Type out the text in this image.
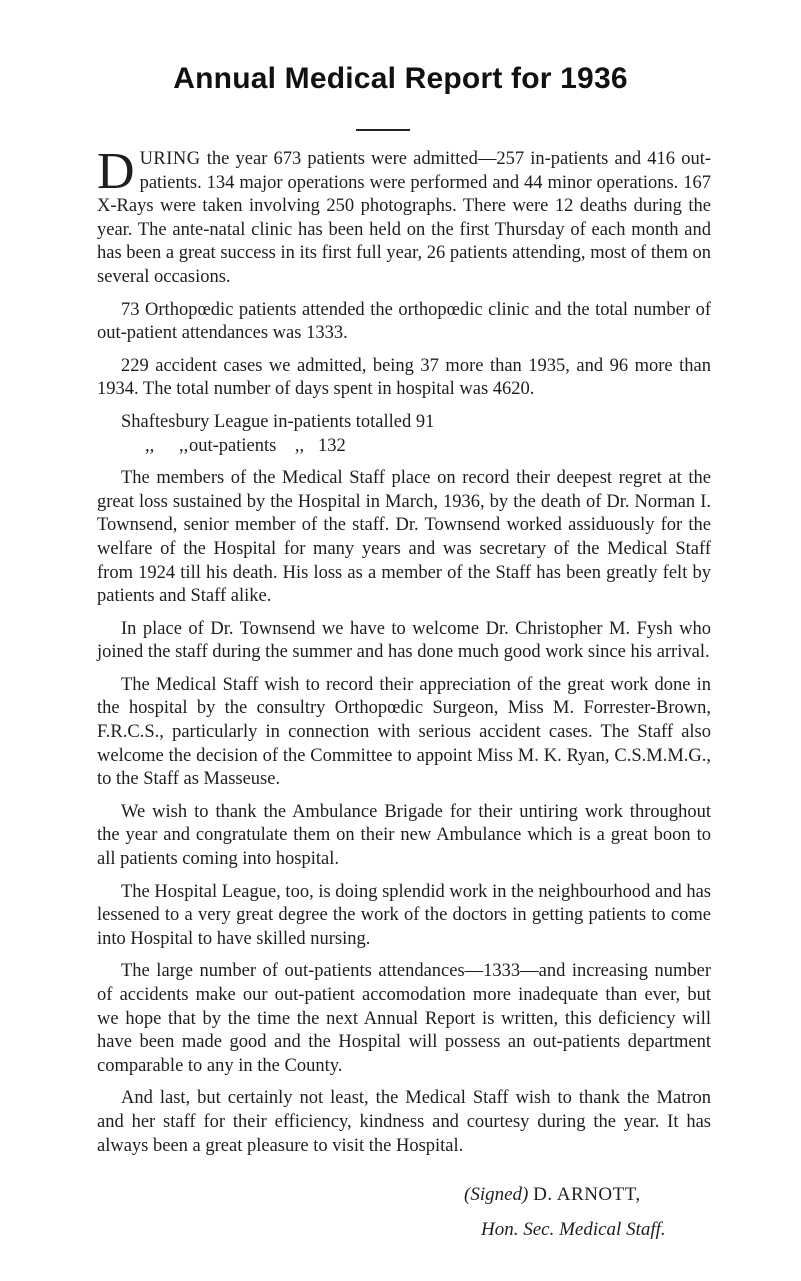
Annual Medical Report for 1936

DURING the year 673 patients were admitted—257 in-patients and 416 out-patients. 134 major operations were performed and 44 minor operations. 167 X-Rays were taken involving 250 photographs. There were 12 deaths during the year. The ante-natal clinic has been held on the first Thursday of each month and has been a great success in its first full year, 26 patients attending, most of them on several occasions.

73 Orthopœdic patients attended the orthopœdic clinic and the total number of out-patient attendances was 1333.

229 accident cases we admitted, being 37 more than 1935, and 96 more than 1934. The total number of days spent in hospital was 4620.

Shaftesbury League in-patients totalled 91

,, ,,out-patients ,, 132

The members of the Medical Staff place on record their deepest regret at the great loss sustained by the Hospital in March, 1936, by the death of Dr. Norman I. Townsend, senior member of the staff. Dr. Townsend worked assiduously for the welfare of the Hospital for many years and was secretary of the Medical Staff from 1924 till his death. His loss as a member of the Staff has been greatly felt by patients and Staff alike.

In place of Dr. Townsend we have to welcome Dr. Christopher M. Fysh who joined the staff during the summer and has done much good work since his arrival.

The Medical Staff wish to record their appreciation of the great work done in the hospital by the consultry Orthopœdic Surgeon, Miss M. Forrester-Brown, F.R.C.S., particularly in connection with serious accident cases. The Staff also welcome the decision of the Committee to appoint Miss M. K. Ryan, C.S.M.M.G., to the Staff as Masseuse.

We wish to thank the Ambulance Brigade for their untiring work throughout the year and congratulate them on their new Ambulance which is a great boon to all patients coming into hospital.

The Hospital League, too, is doing splendid work in the neighbourhood and has lessened to a very great degree the work of the doctors in getting patients to come into Hospital to have skilled nursing.

The large number of out-patients attendances—1333—and increasing number of accidents make our out-patient accomodation more inadequate than ever, but we hope that by the time the next Annual Report is written, this deficiency will have been made good and the Hospital will possess an out-patients department comparable to any in the County.

And last, but certainly not least, the Medical Staff wish to thank the Matron and her staff for their efficiency, kindness and courtesy during the year. It has always been a great pleasure to visit the Hospital.

(Signed) D. ARNOTT,
Hon. Sec. Medical Staff.
